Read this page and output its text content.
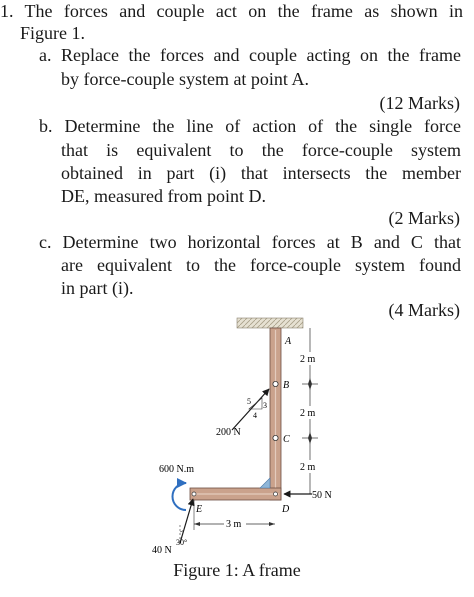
1. The forces and couple act on the frame as shown in
Figure 1.
a. Replace the forces and couple acting on the frame
by force-couple system at point A.
(12 Marks)
b. Determine the line of action of the single force
that is equivalent to the force-couple system
obtained in part (i) that intersects the member
DE, measured from point D.
(2 Marks)
c. Determine two horizontal forces at B and C that
are equivalent to the force-couple system found
in part (i).
(4 Marks)
A
B
C
D
E
2 m
2 m
2 m
200 N
5
4
3
600 N.m
50 N
3 m
30°
40 N
Figure 1: A frame
